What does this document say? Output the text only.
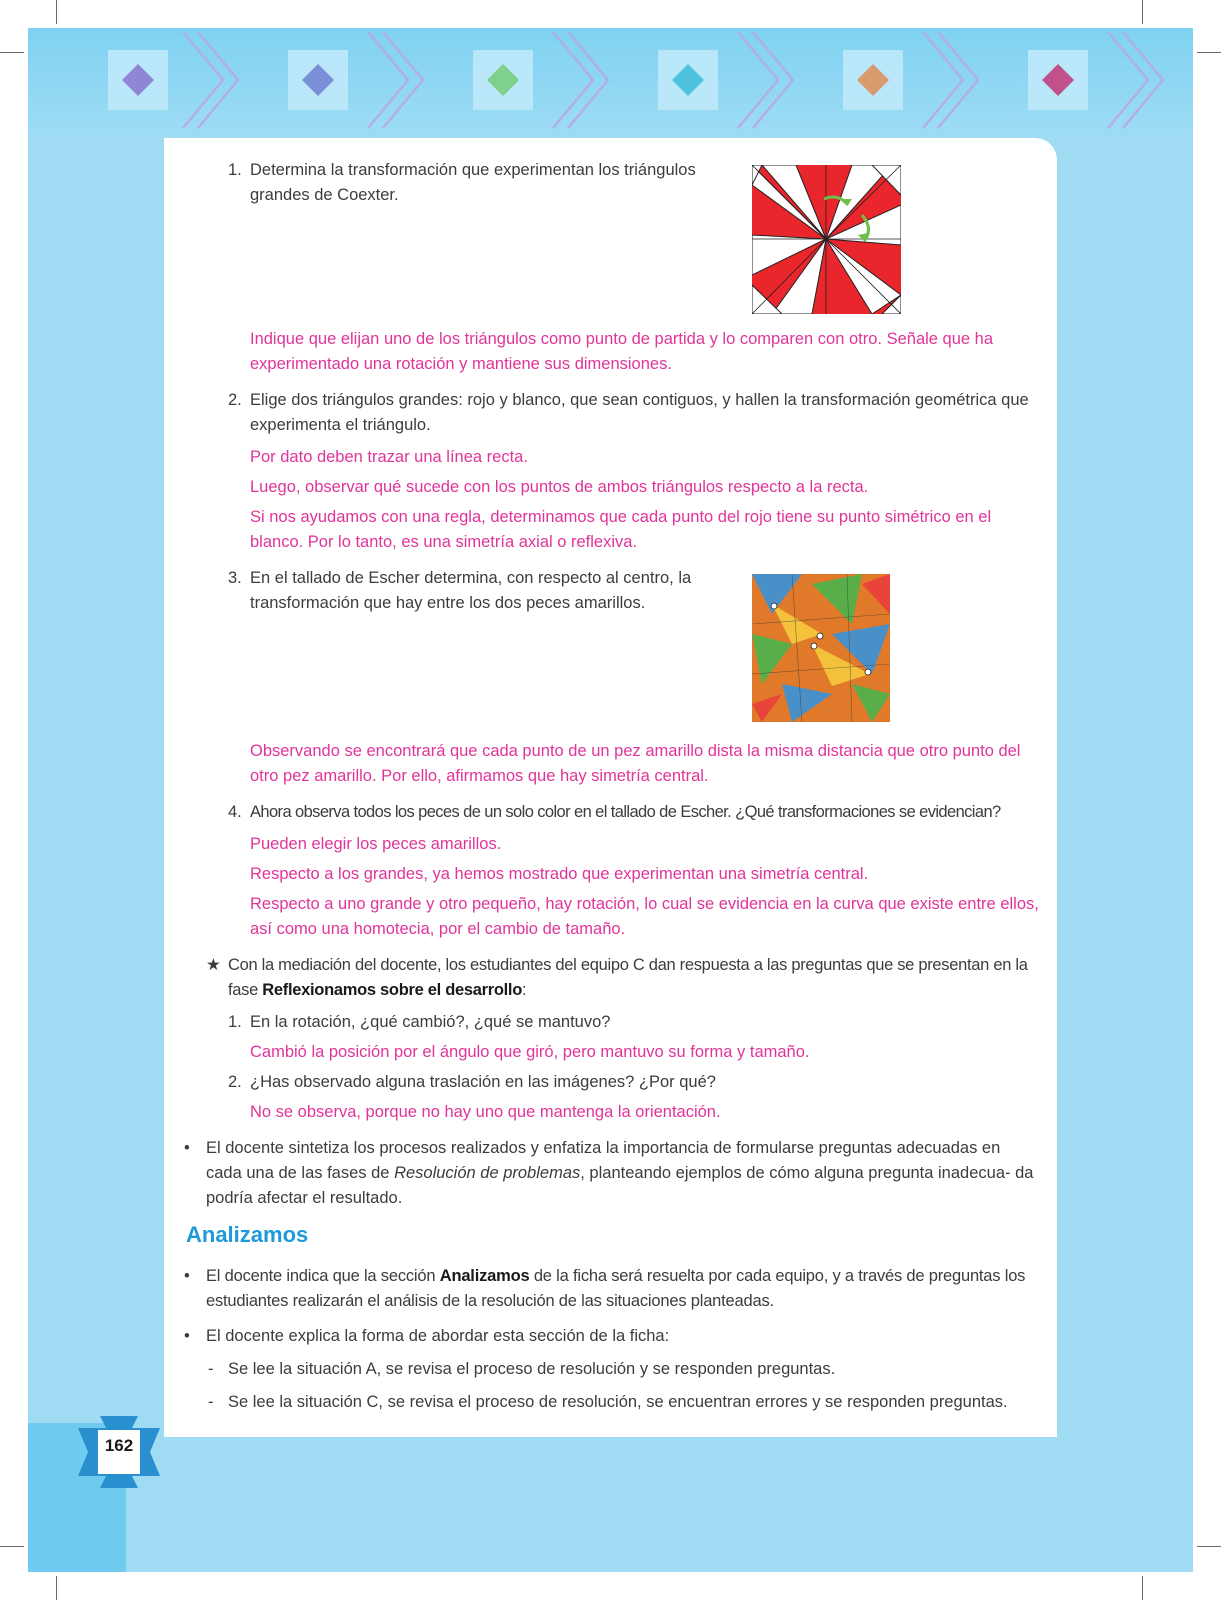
162
1. Determina la transformación que experimentan los triángulos grandes de Coexter.

Indique que elijan uno de los triángulos como punto de partida y lo comparen con otro. Señale que ha experimentado una rotación y mantiene sus dimensiones.

2. Elige dos triángulos grandes: rojo y blanco, que sean contiguos, y hallen la transformación geométrica que experimenta el triángulo.

Por dato deben trazar una línea recta.

Luego, observar qué sucede con los puntos de ambos triángulos respecto a la recta.

Si nos ayudamos con una regla, determinamos que cada punto del rojo tiene su punto simétrico en el blanco. Por lo tanto, es una simetría axial o reflexiva.

3. En el tallado de Escher determina, con respecto al centro, la transformación que hay entre los dos peces amarillos.

Observando se encontrará que cada punto de un pez amarillo dista la misma distancia que otro punto del otro pez amarillo. Por ello, afirmamos que hay simetría central.

4. Ahora observa todos los peces de un solo color en el tallado de Escher. ¿Qué transformaciones se evidencian?

Pueden elegir los peces amarillos.

Respecto a los grandes, ya hemos mostrado que experimentan una simetría central.

Respecto a uno grande y otro pequeño, hay rotación, lo cual se evidencia en la curva que existe entre ellos, así como una homotecia, por el cambio de tamaño.

★ Con la mediación del docente, los estudiantes del equipo C dan respuesta a las preguntas que se presentan en la fase Reflexionamos sobre el desarrollo:

1. En la rotación, ¿qué cambió?, ¿qué se mantuvo?

Cambió la posición por el ángulo que giró, pero mantuvo su forma y tamaño.

2. ¿Has observado alguna traslación en las imágenes? ¿Por qué?

No se observa, porque no hay uno que mantenga la orientación.

• El docente sintetiza los procesos realizados y enfatiza la importancia de formularse preguntas adecuadas en cada una de las fases de Resolución de problemas, planteando ejemplos de cómo alguna pregunta inadecua- da podría afectar el resultado.

Analizamos
• El docente indica que la sección Analizamos de la ficha será resuelta por cada equipo, y a través de preguntas los estudiantes realizarán el análisis de la resolución de las situaciones planteadas.

• El docente explica la forma de abordar esta sección de la ficha:

- Se lee la situación A, se revisa el proceso de resolución y se responden preguntas.

- Se lee la situación C, se revisa el proceso de resolución, se encuentran errores y se responden preguntas.
